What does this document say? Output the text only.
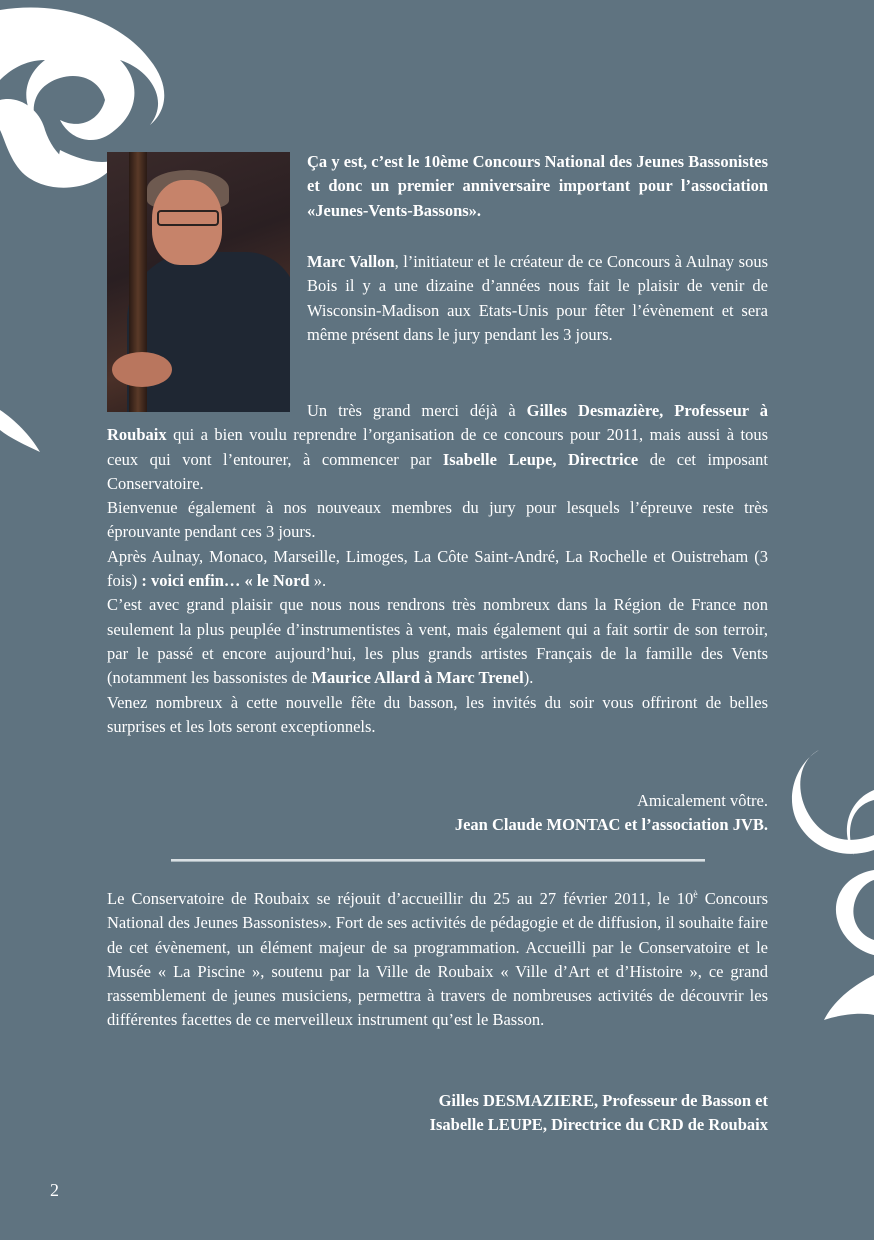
Ça y est, c’est le 10ème Concours National des Jeunes Bassonistes et donc un premier anniversaire important pour l’association «Jeunes-Vents-Bassons».

Marc Vallon, l’initiateur et le créateur de ce Concours à Aulnay sous Bois il y a une dizaine d’années nous fait le plaisir de venir de Wisconsin-Madison aux Etats-Unis pour fêter l’évènement et sera même présent dans le jury pendant les 3 jours.

Un très grand merci déjà à Gilles Desmazière, Professeur à Roubaix qui a bien voulu reprendre l’organisation de ce concours pour 2011, mais aussi à tous ceux qui vont l’entourer, à commencer par Isabelle Leupe, Directrice de cet imposant Conservatoire.

Bienvenue également à nos nouveaux membres du jury pour lesquels l’épreuve reste très éprouvante pendant ces 3 jours.

Après Aulnay, Monaco, Marseille, Limoges, La Côte Saint-André, La Rochelle et Ouistreham (3 fois) : voici enfin… « le Nord ».

C’est avec grand plaisir que nous nous rendrons très nombreux dans la Région de France non seulement la plus peuplée d’instrumentistes à vent, mais également qui a fait sortir de son terroir, par le passé et encore aujourd’hui, les plus grands artistes Français de la famille des Vents (notamment les bassonistes de Maurice Allard à Marc Trenel).

Venez nombreux à cette nouvelle fête du basson, les invités du soir vous offriront de belles surprises et les lots seront exceptionnels.

Amicalement vôtre.

Jean Claude MONTAC et l’association JVB.

Le Conservatoire de Roubaix se réjouit d’accueillir du 25 au 27 février 2011, le $10^è$ Concours National des Jeunes Bassonistes». Fort de ses activités de pédagogie et de diffusion, il souhaite faire de cet évènement, un élément majeur de sa programmation. Accueilli par le Conservatoire et le Musée « La Piscine », soutenu par la Ville de Roubaix « Ville d’Art et d’Histoire », ce grand rassemblement de jeunes musiciens, permettra à travers de nombreuses activités de découvrir les différentes facettes de ce merveilleux instrument qu’est le Basson.

Gilles DESMAZIERE, Professeur de Basson et

Isabelle LEUPE, Directrice du CRD de Roubaix

2
